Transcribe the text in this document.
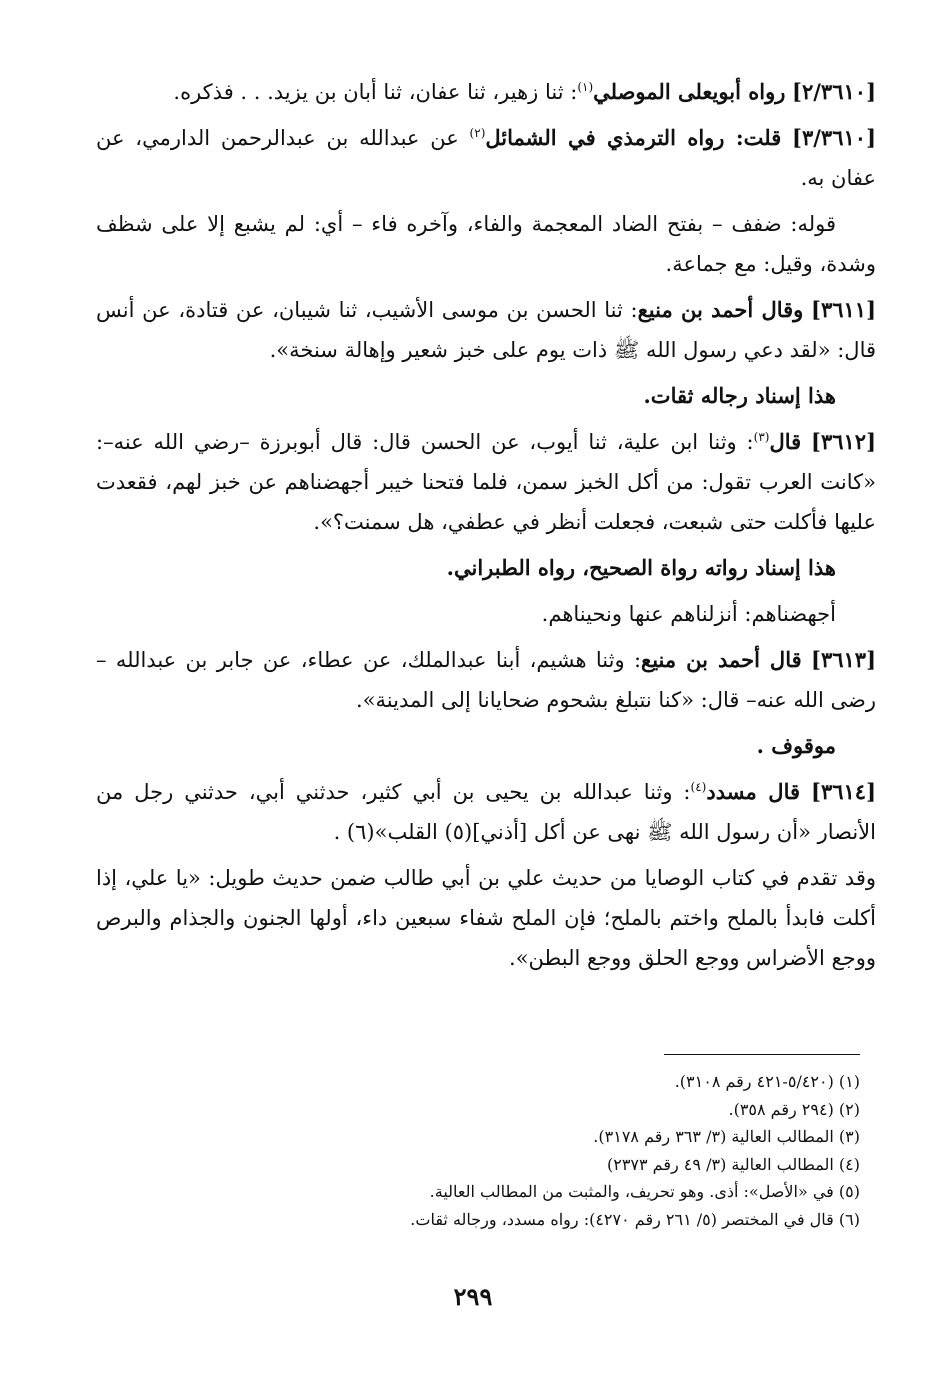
[٢/٣٦١٠] رواه أبويعلى الموصلي$^{(١)}$: ثنا زهير، ثنا عفان، ثنا أبان بن يزيد. . . فذكره.

[٣/٣٦١٠] قلت: رواه الترمذي في الشمائل$^{(٢)}$ عن عبدالله بن عبدالرحمن الدارمي، عن عفان به.

قوله: ضفف – بفتح الضاد المعجمة والفاء، وآخره فاء – أي: لم يشبع إلا على شظف وشدة، وقيل: مع جماعة.

[٣٦١١] وقال أحمد بن منيع: ثنا الحسن بن موسى الأشيب، ثنا شيبان، عن قتادة، عن أنس قال: «لقد دعي رسول الله ﷺ ذات يوم على خبز شعير وإهالة سنخة».

هذا إسناد رجاله ثقات.

[٣٦١٢] قال$^{(٣)}$: وثنا ابن علية، ثنا أيوب، عن الحسن قال: قال أبوبرزة –رضي الله عنه–: «كانت العرب تقول: من أكل الخبز سمن، فلما فتحنا خيبر أجهضناهم عن خبز لهم، فقعدت عليها فأكلت حتى شبعت، فجعلت أنظر في عطفي، هل سمنت؟».

هذا إسناد رواته رواة الصحيح، رواه الطبراني.

أجهضناهم: أنزلناهم عنها ونحيناهم.

[٣٦١٣] قال أحمد بن منيع: وثنا هشيم، أبنا عبدالملك، عن عطاء، عن جابر بن عبدالله – رضى الله عنه– قال: «كنا نتبلغ بشحوم ضحايانا إلى المدينة».

موقوف .

[٣٦١٤] قال مسدد$^{(٤)}$: وثنا عبدالله بن يحيى بن أبي كثير، حدثني أبي، حدثني رجل من الأنصار «أن رسول الله ﷺ نهى عن أكل [أذني](٥) القلب»(٦) .

وقد تقدم في كتاب الوصايا من حديث علي بن أبي طالب ضمن حديث طويل: «يا علي، إذا أكلت فابدأ بالملح واختم بالملح؛ فإن الملح شفاء سبعين داء، أولها الجنون والجذام والبرص ووجع الأضراس ووجع الحلق ووجع البطن».

(١) (٥/٤٢٠-٤٢١ رقم ٣١٠٨).

(٢) (٢٩٤ رقم ٣٥٨).

(٣) المطالب العالية (٣/ ٣٦٣ رقم ٣١٧٨).

(٤) المطالب العالية (٣/ ٤٩ رقم ٢٣٧٣)

(٥) في «الأصل»: أذى. وهو تحريف، والمثبت من المطالب العالية.

(٦) قال في المختصر (٥/ ٢٦١ رقم ٤٢٧٠): رواه مسدد، ورجاله ثقات.

٢٩٩
